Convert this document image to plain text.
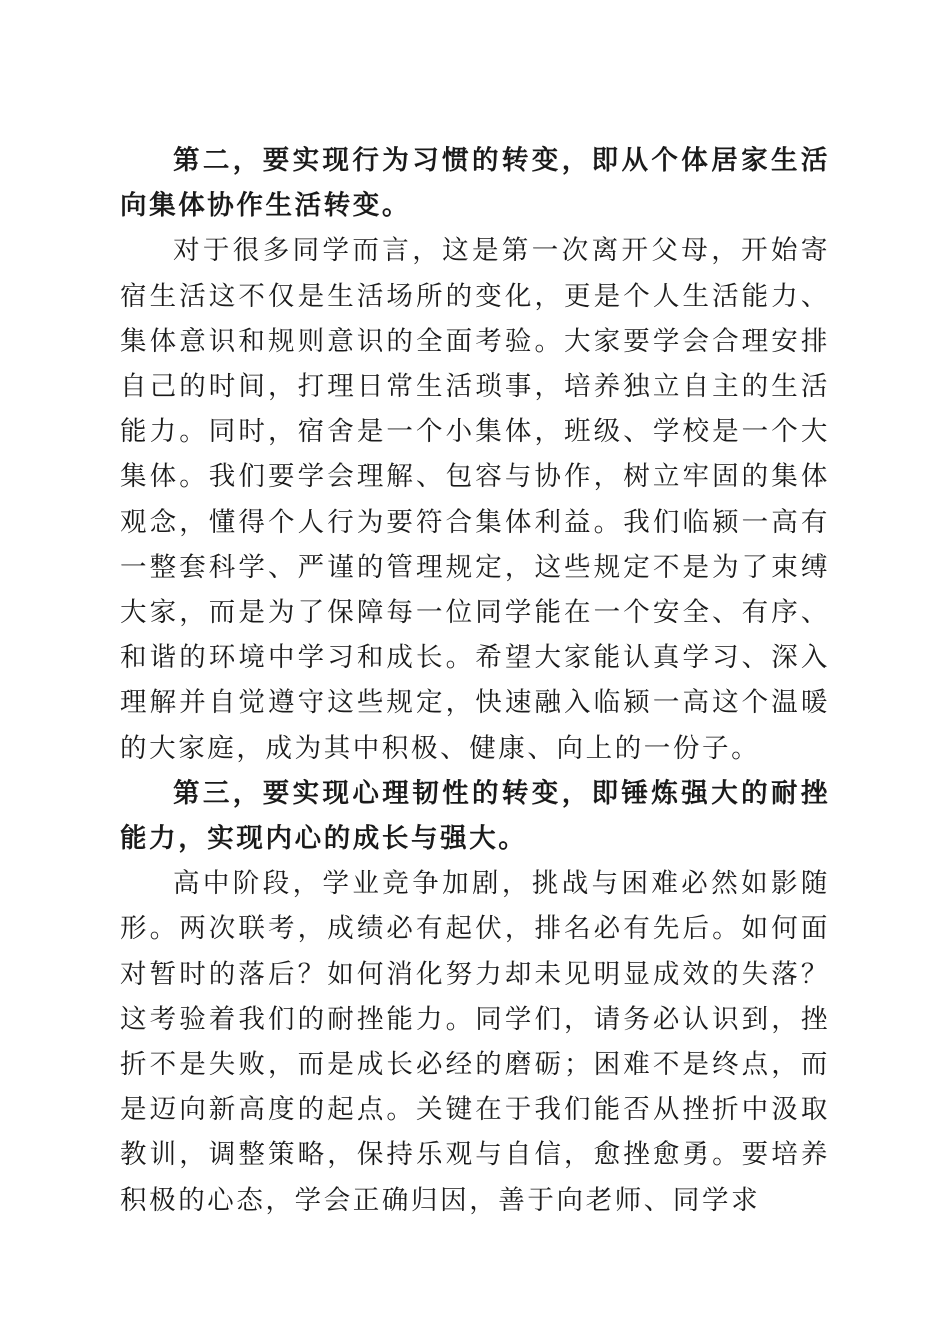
第二，要实现行为习惯的转变，即从个体居家生活向集体协作生活转变。

对于很多同学而言，这是第一次离开父母，开始寄宿生活这不仅是生活场所的变化，更是个人生活能力、集体意识和规则意识的全面考验。大家要学会合理安排自己的时间，打理日常生活琐事，培养独立自主的生活能力。同时，宿舍是一个小集体，班级、学校是一个大集体。我们要学会理解、包容与协作，树立牢固的集体观念，懂得个人行为要符合集体利益。我们临颍一高有一整套科学、严谨的管理规定，这些规定不是为了束缚大家，而是为了保障每一位同学能在一个安全、有序、和谐的环境中学习和成长。希望大家能认真学习、深入理解并自觉遵守这些规定，快速融入临颍一高这个温暖的大家庭，成为其中积极、健康、向上的一份子。

第三，要实现心理韧性的转变，即锤炼强大的耐挫能力，实现内心的成长与强大。

高中阶段，学业竞争加剧，挑战与困难必然如影随形。两次联考，成绩必有起伏，排名必有先后。如何面对暂时的落后？如何消化努力却未见明显成效的失落？这考验着我们的耐挫能力。同学们，请务必认识到，挫折不是失败，而是成长必经的磨砺；困难不是终点，而是迈向新高度的起点。关键在于我们能否从挫折中汲取教训，调整策略，保持乐观与自信，愈挫愈勇。要培养积极的心态，学会正确归因，善于向老师、同学求
